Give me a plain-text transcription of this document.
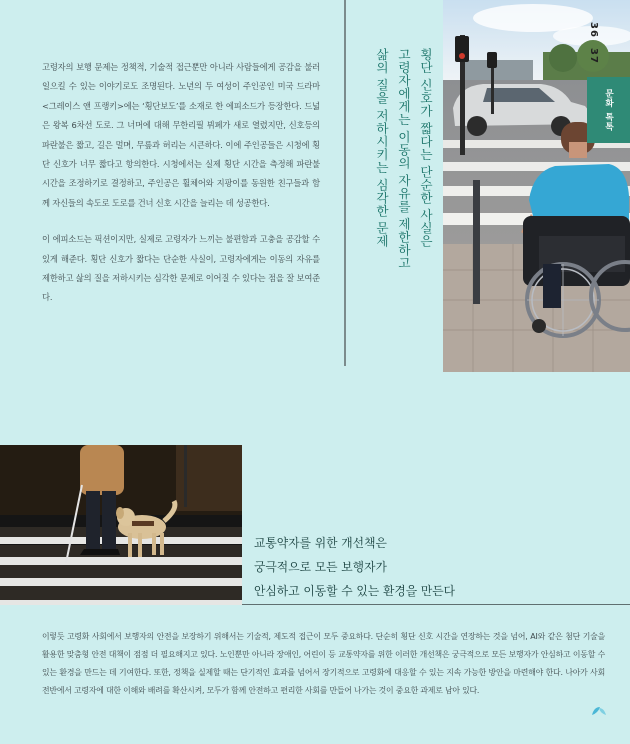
고령자의 보행 문제는 정책적, 기술적 접근뿐만 아니라 사람들에게 공감을 불러일으킬 수 있는 이야기로도 조명된다. 노년의 두 여성이 주인공인 미국 드라마 <그레이스 앤 프랭키>에는 ‘횡단보도’를 소재로 한 에피소드가 등장한다. 드넓은 왕복 6차선 도로. 그 너머에 대해 무한리필 뷔페가 새로 열렸지만, 신호등의 파란불은 짧고, 길은 멀며, 무릎과 허리는 시큰하다. 이에 주인공들은 시청에 횡단 신호가 너무 짧다고 항의한다. 시청에서는 실제 횡단 시간을 측정해 파란불 시간을 조정하기로 결정하고, 주인공은 휠체어와 지팡이를 동원한 친구들과 함께 자신들의 속도로 도로를 건너 신호 시간을 늘리는 데 성공한다.

이 에피소드는 픽션이지만, 실제로 고령자가 느끼는 불편함과 고충을 공감할 수 있게 해준다. 횡단 신호가 짧다는 단순한 사실이, 고령자에게는 이동의 자유를 제한하고 삶의 질을 저하시키는 심각한 문제로 이어질 수 있다는 점을 잘 보여준다.

횡단 신호가 짧다는 단순한 사실은
고령자에게는 이동의 자유를 제한하고
삶의 질을 저하시키는 심각한 문제
36 37
문화 톡톡
교통약자를 위한 개선책은
궁극적으로 모든 보행자가
안심하고 이동할 수 있는 환경을 만든다

이렇듯 고령화 사회에서 보행자의 안전을 보장하기 위해서는 기술적, 제도적 접근이 모두 중요하다. 단순히 횡단 신호 시간을 연장하는 것을 넘어, AI와 같은 첨단 기술을 활용한 맞춤형 안전 대책이 점점 더 필요해지고 있다. 노인뿐만 아니라 장애인, 어린이 등 교통약자를 위한 이러한 개선책은 궁극적으로 모든 보행자가 안심하고 이동할 수 있는 환경을 만드는 데 기여한다. 또한, 정책을 실제할 때는 단기적인 효과를 넘어서 장기적으로 고령화에 대응할 수 있는 지속 가능한 방안을 마련해야 한다. 나아가 사회 전반에서 고령자에 대한 이해와 배려를 확산시켜, 모두가 함께 안전하고 편리한 사회를 만들어 나가는 것이 중요한 과제로 남아 있다.
